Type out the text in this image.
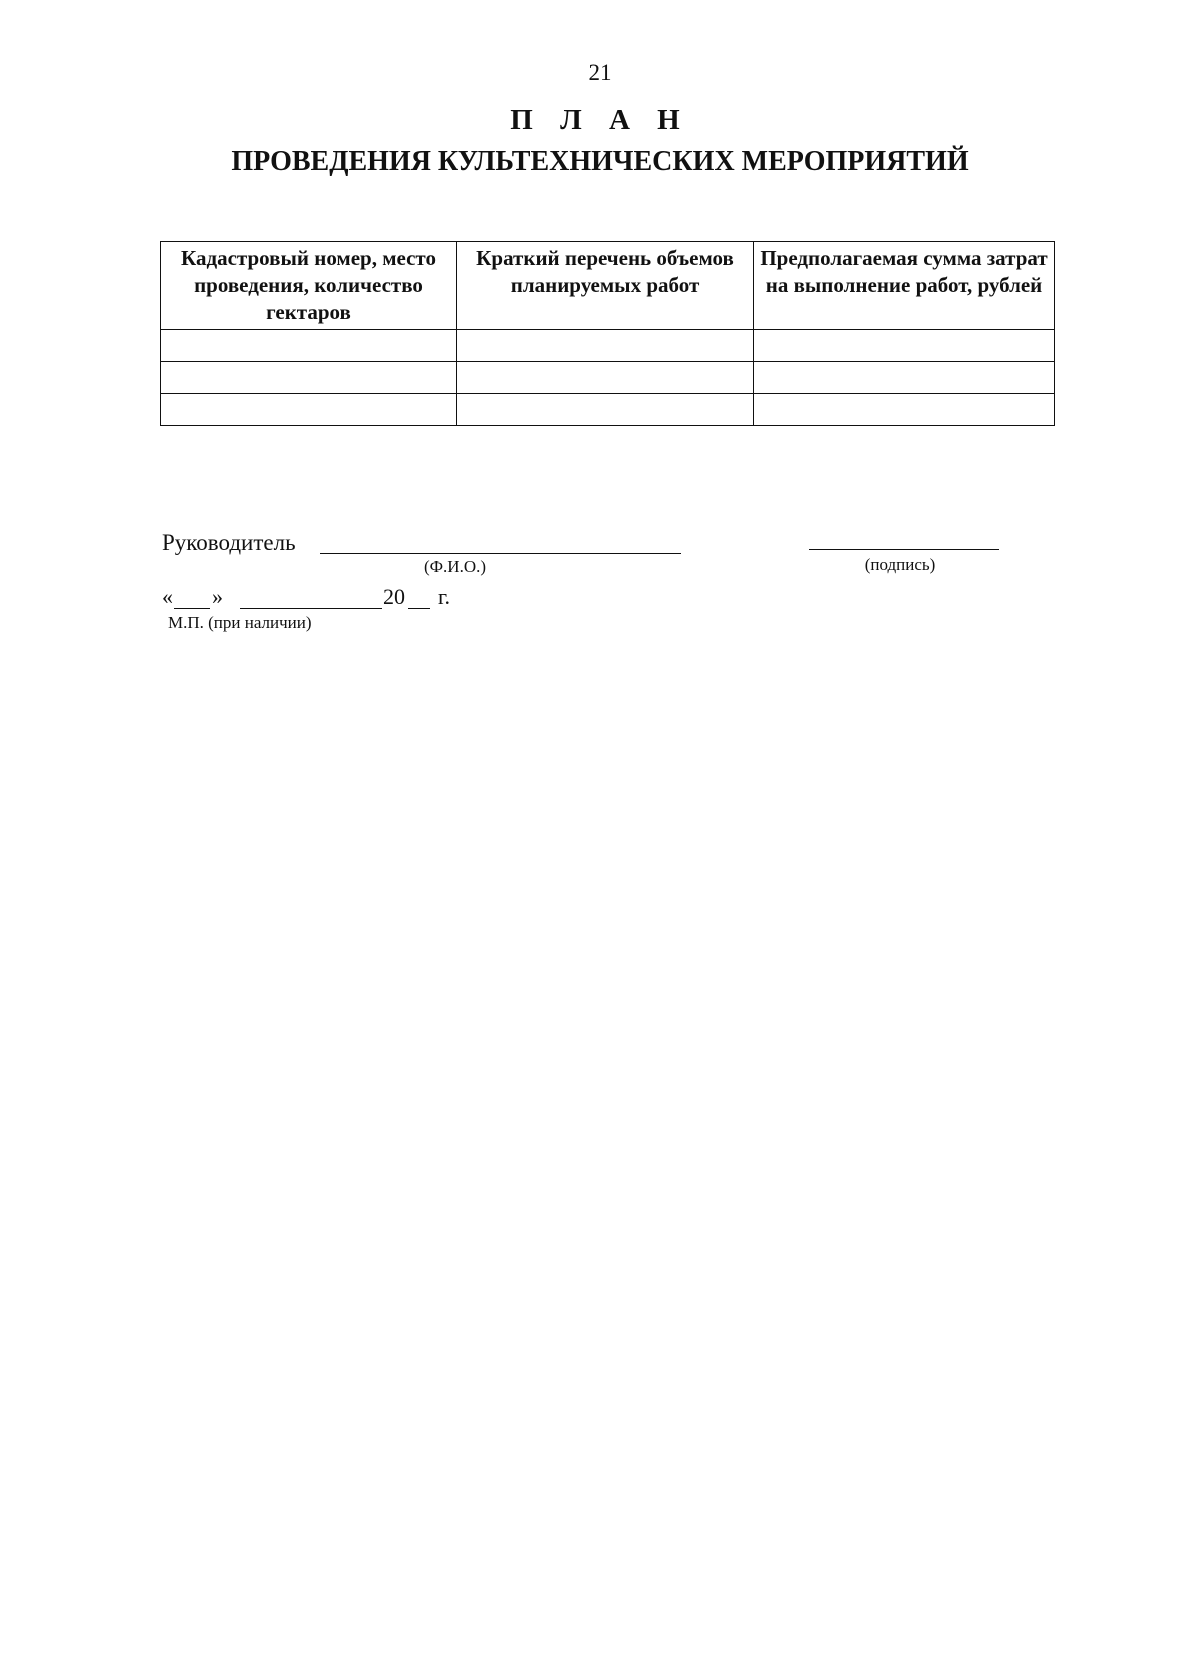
21
П Л А Н
ПРОВЕДЕНИЯ КУЛЬТЕХНИЧЕСКИХ МЕРОПРИЯТИЙ
Кадастровый номер, место проведения, количество гектаров	Краткий перечень объемов планируемых работ	Предполагаемая сумма затрат на выполнение работ, рублей

Руководитель
(Ф.И.О.)	(подпись)
« »	20 г.
М.П. (при наличии)
